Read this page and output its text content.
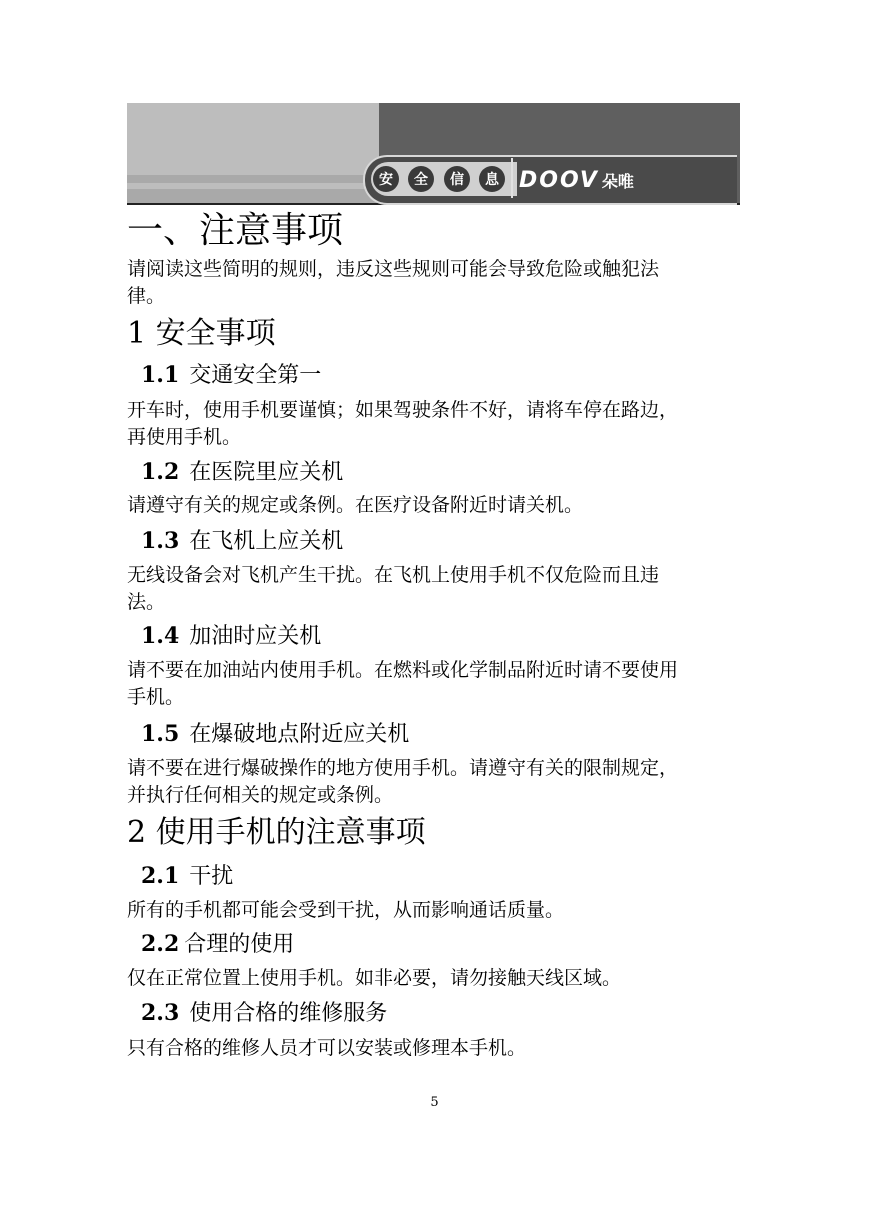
安	全	信	息 DOOV 朵唯
一、注意事项
请阅读这些简明的规则，违反这些规则可能会导致危险或触犯法
律。
1 安全事项
1.1 交通安全第一
开车时，使用手机要谨慎；如果驾驶条件不好，请将车停在路边，
再使用手机。
1.2 在医院里应关机
请遵守有关的规定或条例。在医疗设备附近时请关机。
1.3 在飞机上应关机
无线设备会对飞机产生干扰。在飞机上使用手机不仅危险而且违
法。
1.4 加油时应关机
请不要在加油站内使用手机。在燃料或化学制品附近时请不要使用
手机。
1.5 在爆破地点附近应关机
请不要在进行爆破操作的地方使用手机。请遵守有关的限制规定，
并执行任何相关的规定或条例。
2 使用手机的注意事项
2.1 干扰
所有的手机都可能会受到干扰，从而影响通话质量。
2.2 合理的使用
仅在正常位置上使用手机。如非必要，请勿接触天线区域。
2.3 使用合格的维修服务
只有合格的维修人员才可以安装或修理本手机。
5
